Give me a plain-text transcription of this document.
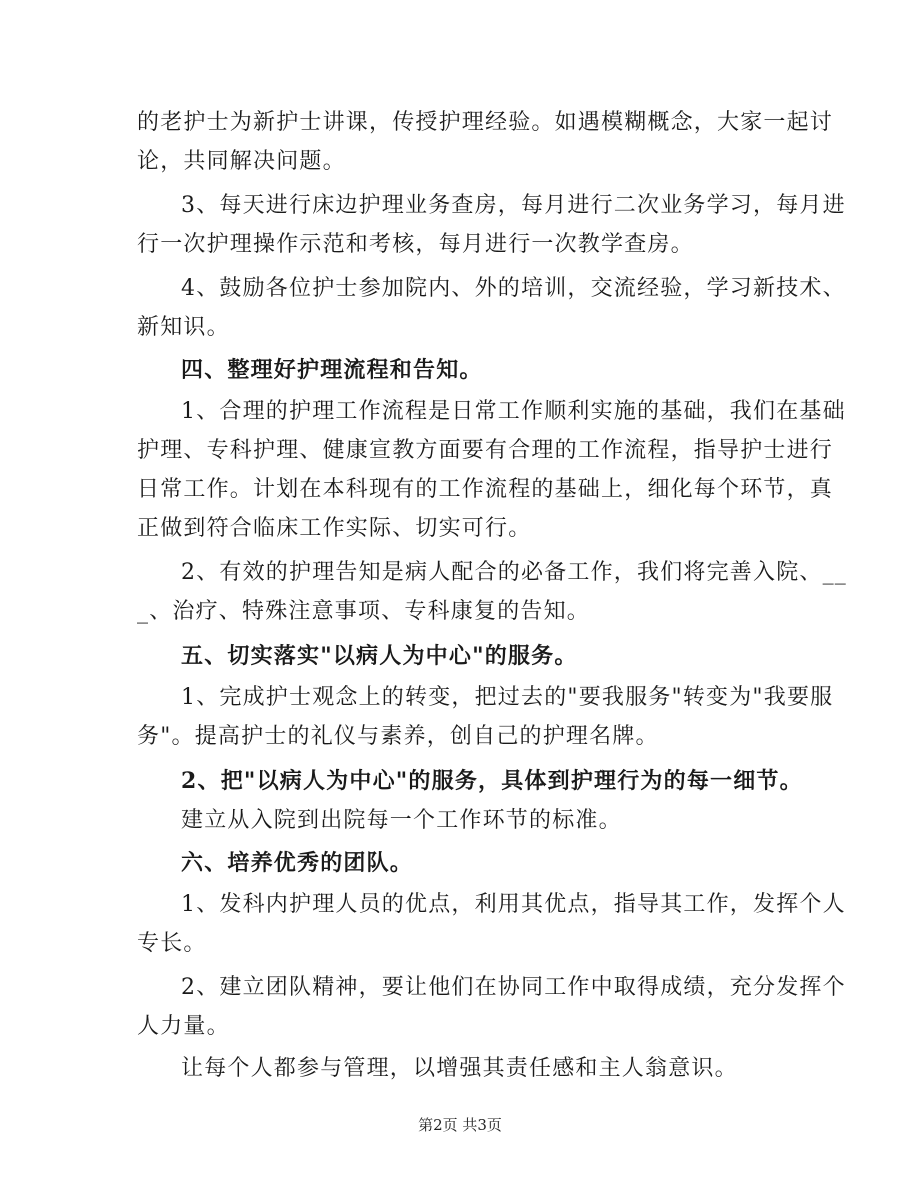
的老护士为新护士讲课，传授护理经验。如遇模糊概念，大家一起讨
论，共同解决问题。
3、每天进行床边护理业务查房，每月进行二次业务学习，每月进
行一次护理操作示范和考核，每月进行一次教学查房。
4、鼓励各位护士参加院内、外的培训，交流经验，学习新技术、
新知识。
四、整理好护理流程和告知。
1、合理的护理工作流程是日常工作顺利实施的基础，我们在基础
护理、专科护理、健康宣教方面要有合理的工作流程，指导护士进行
日常工作。计划在本科现有的工作流程的基础上，细化每个环节，真
正做到符合临床工作实际、切实可行。
2、有效的护理告知是病人配合的必备工作，我们将完善入院、__
_、治疗、特殊注意事项、专科康复的告知。
五、切实落实"以病人为中心"的服务。
1、完成护士观念上的转变，把过去的"要我服务"转变为"我要服
务"。提高护士的礼仪与素养，创自己的护理名牌。
2、把"以病人为中心"的服务，具体到护理行为的每一细节。
建立从入院到出院每一个工作环节的标准。
六、培养优秀的团队。
1、发科内护理人员的优点，利用其优点，指导其工作，发挥个人
专长。
2、建立团队精神，要让他们在协同工作中取得成绩，充分发挥个
人力量。
让每个人都参与管理，以增强其责任感和主人翁意识。
第2页 共3页
